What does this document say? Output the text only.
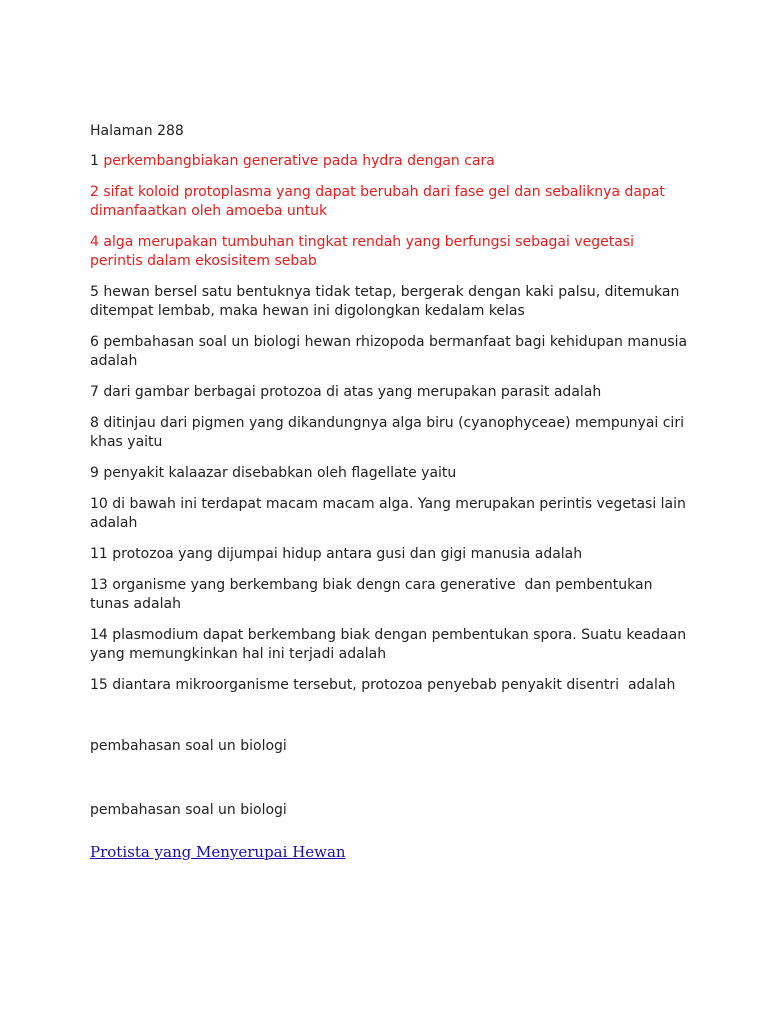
Halaman 288
1 perkembangbiakan generative pada hydra dengan cara
2 sifat koloid protoplasma yang dapat berubah dari fase gel dan sebaliknya dapat dimanfaatkan oleh amoeba untuk
4 alga merupakan tumbuhan tingkat rendah yang berfungsi sebagai vegetasi perintis dalam ekosisitem sebab
5 hewan bersel satu bentuknya tidak tetap, bergerak dengan kaki palsu, ditemukan ditempat lembab, maka hewan ini digolongkan kedalam kelas
6 pembahasan soal un biologi hewan rhizopoda bermanfaat bagi kehidupan manusia adalah
7 dari gambar berbagai protozoa di atas yang merupakan parasit adalah
8 ditinjau dari pigmen yang dikandungnya alga biru (cyanophyceae) mempunyai ciri khas yaitu
9 penyakit kalaazar disebabkan oleh flagellate yaitu
10 di bawah ini terdapat macam macam alga. Yang merupakan perintis vegetasi lain adalah
11 protozoa yang dijumpai hidup antara gusi dan gigi manusia adalah
13 organisme yang berkembang biak dengn cara generative  dan pembentukan tunas adalah
14 plasmodium dapat berkembang biak dengan pembentukan spora. Suatu keadaan yang memungkinkan hal ini terjadi adalah
15 diantara mikroorganisme tersebut, protozoa penyebab penyakit disentri  adalah
pembahasan soal un biologi
pembahasan soal un biologi
Protista yang Menyerupai Hewan
